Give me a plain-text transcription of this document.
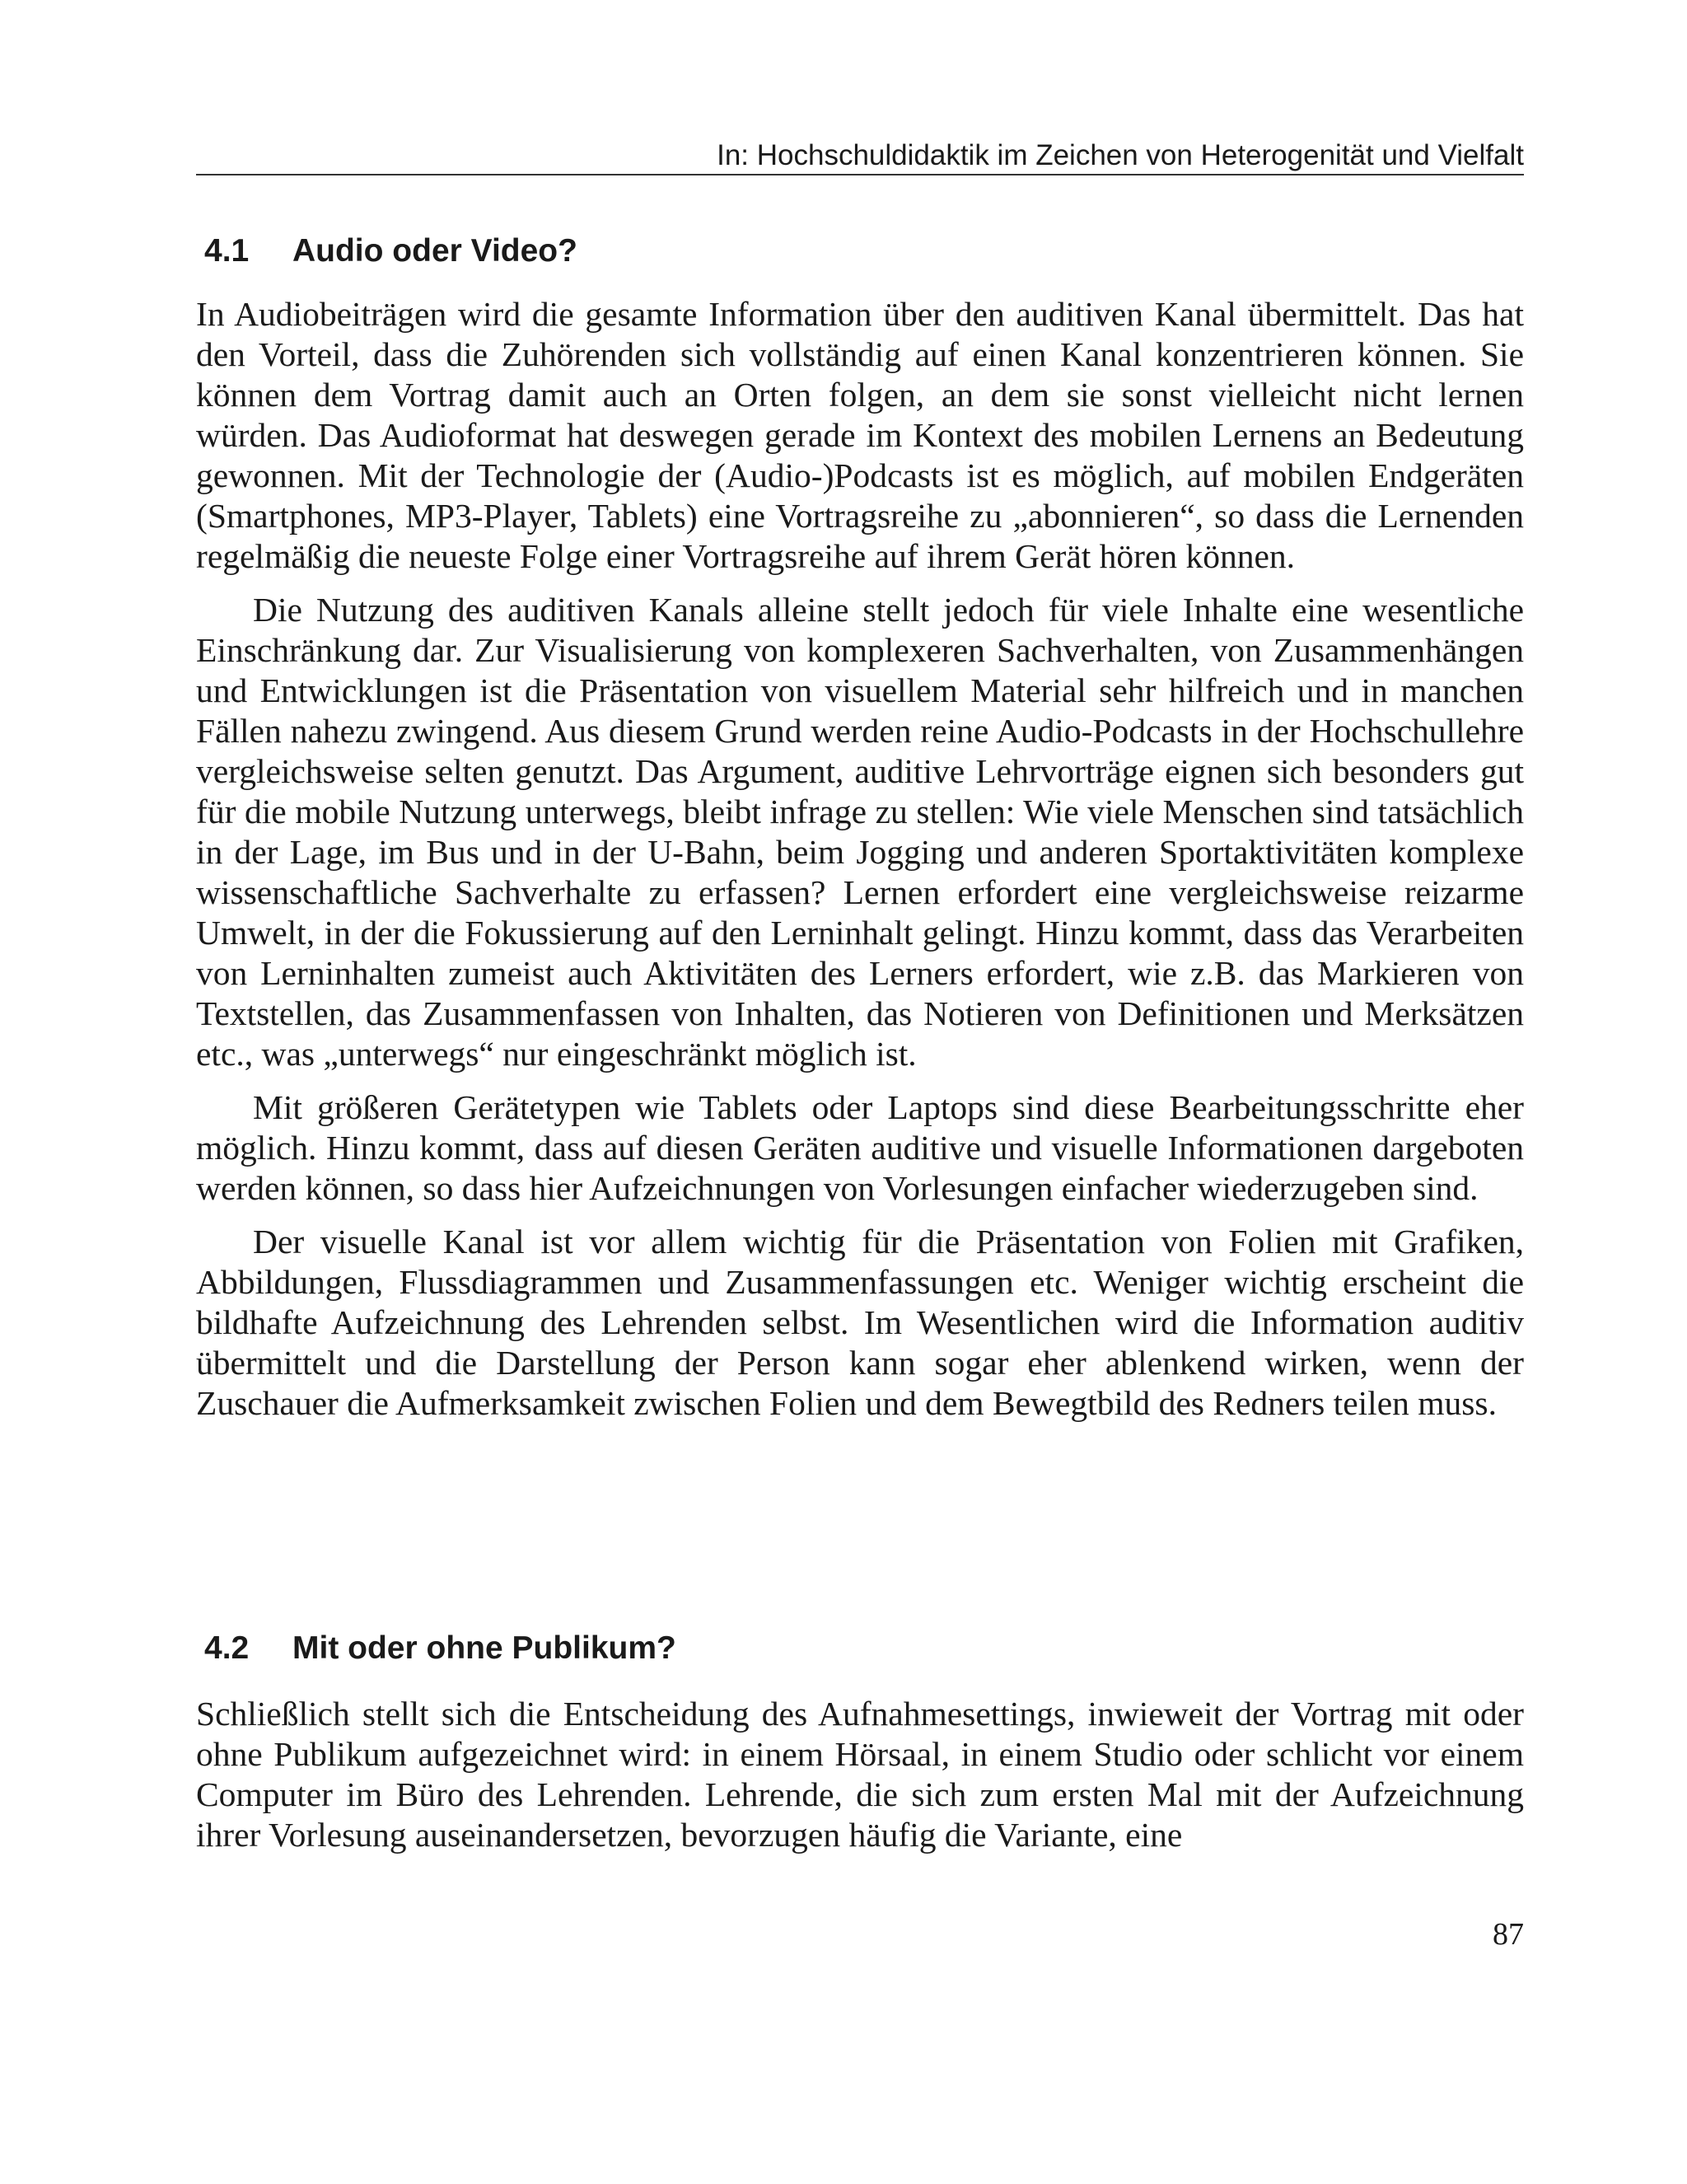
In: Hochschuldidaktik im Zeichen von Heterogenität und Vielfalt
4.1 Audio oder Video?

In Audiobeiträgen wird die gesamte Information über den auditiven Kanal übermittelt. Das hat den Vorteil, dass die Zuhörenden sich vollständig auf einen Kanal konzentrieren können. Sie können dem Vortrag damit auch an Orten folgen, an dem sie sonst vielleicht nicht lernen würden. Das Audioformat hat deswegen gerade im Kontext des mobilen Lernens an Bedeutung gewonnen. Mit der Technologie der (Audio-)Podcasts ist es möglich, auf mobilen Endgeräten (Smartphones, MP3-Player, Tablets) eine Vortragsreihe zu „abonnieren“, so dass die Lernenden regelmäßig die neueste Folge einer Vortragsreihe auf ihrem Gerät hören können.

Die Nutzung des auditiven Kanals alleine stellt jedoch für viele Inhalte eine wesentliche Einschränkung dar. Zur Visualisierung von komplexeren Sachverhalten, von Zusammenhängen und Entwicklungen ist die Präsentation von visuellem Material sehr hilfreich und in manchen Fällen nahezu zwingend. Aus diesem Grund werden reine Audio-Podcasts in der Hochschullehre vergleichsweise selten genutzt. Das Argument, auditive Lehrvorträge eignen sich besonders gut für die mobile Nutzung unterwegs, bleibt infrage zu stellen: Wie viele Menschen sind tatsächlich in der Lage, im Bus und in der U-Bahn, beim Jogging und anderen Sportaktivitäten komplexe wissenschaftliche Sachverhalte zu erfassen? Lernen erfordert eine vergleichsweise reizarme Umwelt, in der die Fokussierung auf den Lerninhalt gelingt. Hinzu kommt, dass das Verarbeiten von Lerninhalten zumeist auch Aktivitäten des Lerners erfordert, wie z.B. das Markieren von Textstellen, das Zusammenfassen von Inhalten, das Notieren von Definitionen und Merksätzen etc., was „unterwegs“ nur eingeschränkt möglich ist.

Mit größeren Gerätetypen wie Tablets oder Laptops sind diese Bearbeitungsschritte eher möglich. Hinzu kommt, dass auf diesen Geräten auditive und visuelle Informationen dargeboten werden können, so dass hier Aufzeichnungen von Vorlesungen einfacher wiederzugeben sind.

Der visuelle Kanal ist vor allem wichtig für die Präsentation von Folien mit Grafiken, Abbildungen, Flussdiagrammen und Zusammenfassungen etc. Weniger wichtig erscheint die bildhafte Aufzeichnung des Lehrenden selbst. Im Wesentlichen wird die Information auditiv übermittelt und die Darstellung der Person kann sogar eher ablenkend wirken, wenn der Zuschauer die Aufmerksamkeit zwischen Folien und dem Bewegtbild des Redners teilen muss.

4.2 Mit oder ohne Publikum?

Schließlich stellt sich die Entscheidung des Aufnahmesettings, inwieweit der Vortrag mit oder ohne Publikum aufgezeichnet wird: in einem Hörsaal, in einem Studio oder schlicht vor einem Computer im Büro des Lehrenden. Lehrende, die sich zum ersten Mal mit der Aufzeichnung ihrer Vorlesung auseinandersetzen, bevorzugen häufig die Variante, eine

87
